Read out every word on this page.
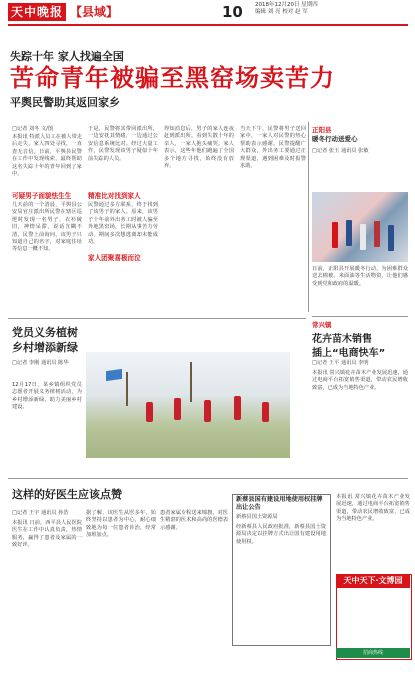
天中晚报 【县域】	10 2018年12月20日 星期四
编辑 刘 亮 校对 赵 军
失踪十年 家人找遍全国
苦命青年被骗至黑窑场卖苦力
平舆民警助其返回家乡
□记者 刘冬 文/图
本报讯 特派人员工在被人带走 后走失，家人四处寻找，一直杳无音信。日前，平舆县民警在工作中发现线索，最终帮助这名失踪十年的青年回到了家中。
可疑男子面貌怯生生
几天前的一个清晨，平舆县公安局官庄派出所民警在辖区巡逻时发现一名男子，衣衫破旧，神情呆滞，说话含糊不清。民警上前询问，该男子只知道自己的名字，对家庭住址等信息一概不知。
于是，民警将其带回派出所，一边安抚其情绪，一边通过公安信息系统比对。经过大量工作，民警发现该男子疑似十年前失踪的人员。
精准比对找到家人
民警通过多方联系，终于找到了该男子的家人。原来，该男子十年前外出务工时被人骗至外地黑窑场，长期从事苦力劳动，期间多次想逃离却未能成功。
家人团聚喜极而泣
得知消息后，男子的家人连夜赶到派出所。看到失散十年的亲人，一家人抱头痛哭。家人表示，这些年他们跑遍了全国多个地方寻找，始终没有放弃。
当天下午，民警将男子送回家中，一家人对民警的热心帮助表示感谢。民警提醒广大群众，外出务工要通过正规渠道，遇到困难及时报警求助。
正阳县
暖冬行动送爱心
□记者 张玉 通讯员 张敏
日前，正阳县开展暖冬行动，为困难群众送去棉被、米面油等生活物资，让他们感受到党和政府的温暖。
常兴镇
花卉苗木销售
插上“电商快车”
□记者 王平 通讯员 李明
本报讯 常兴镇花卉苗木产业发展迅速，通过电商平台拓宽销售渠道，带动农民增收致富，已成为当地特色产业。
党员义务植树
乡村增添新绿
□记者 李刚 通讯员 陈华
12月17日，某乡镇组织党员志愿者开展义务植树活动，为乡村增添新绿，助力美丽乡村建设。
这样的好医生应该点赞
□记者 王宇 通讯员 孙浩
本报讯 日前，西平县人民医院医生在工作中认真负责，热情服务，赢得了患者及家属的一致好评。
据了解，该医生从医多年，始终坚持以患者为中心，耐心细致地为每一位患者诊治，经常加班加点。
患者家属专程送来锦旗，对医生精湛的医术和高尚的医德表示感谢。
新蔡县国有建设用地使用权挂牌出让公告
新蔡县国土资源局
经新蔡县人民政府批准，新蔡县国土资源局决定以挂牌方式出让国有建设用地使用权。
本报讯 常兴镇花卉苗木产业发展迅速，通过电商平台拓宽销售渠道，带动农民增收致富，已成为当地特色产业。
天中天下·文博园
招商热线
